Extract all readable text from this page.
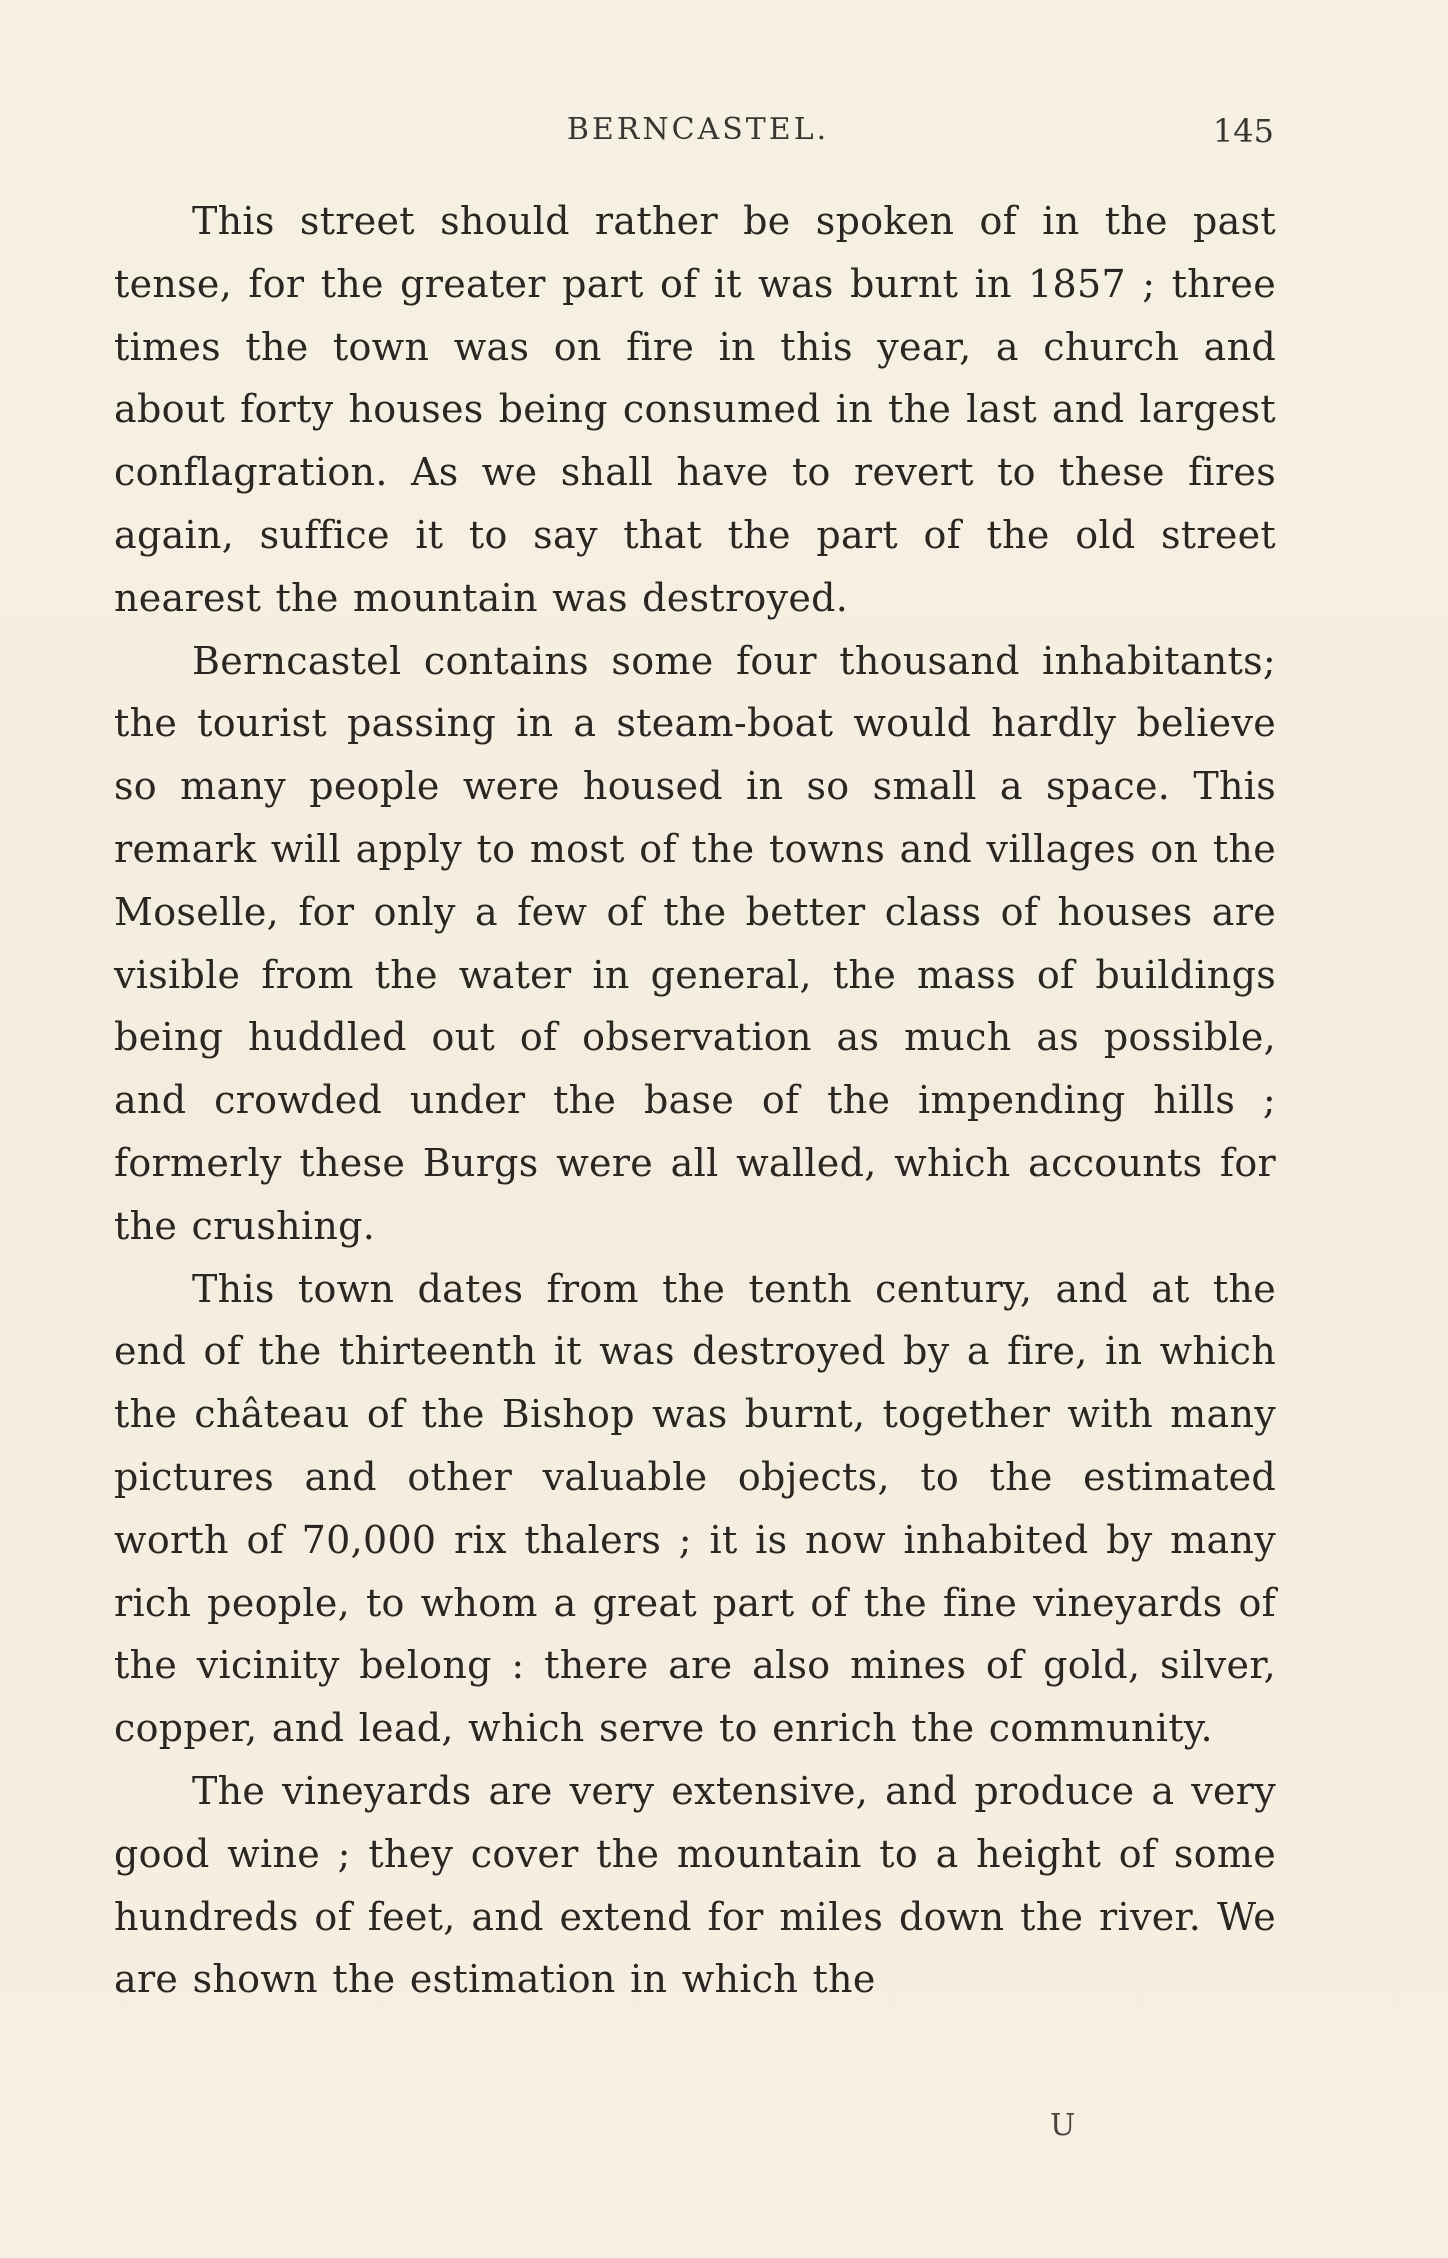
BERNCASTEL.	145

This street should rather be spoken of in the past tense, for the greater part of it was burnt in 1857 ; three times the town was on fire in this year, a church and about forty houses being consumed in the last and largest conflagration. As we shall have to revert to these fires again, suffice it to say that the part of the old street nearest the mountain was destroyed.

Berncastel contains some four thousand inhabitants; the tourist passing in a steam-boat would hardly believe so many people were housed in so small a space. This remark will apply to most of the towns and villages on the Moselle, for only a few of the better class of houses are visible from the water in general, the mass of buildings being huddled out of observation as much as possible, and crowded under the base of the impending hills ; formerly these Burgs were all walled, which accounts for the crushing.

This town dates from the tenth century, and at the end of the thirteenth it was destroyed by a fire, in which the château of the Bishop was burnt, together with many pictures and other valuable objects, to the estimated worth of 70,000 rix thalers ; it is now inhabited by many rich people, to whom a great part of the fine vineyards of the vicinity belong : there are also mines of gold, silver, copper, and lead, which serve to enrich the community.

The vineyards are very extensive, and produce a very good wine ; they cover the mountain to a height of some hundreds of feet, and extend for miles down the river. We are shown the estimation in which the

U
